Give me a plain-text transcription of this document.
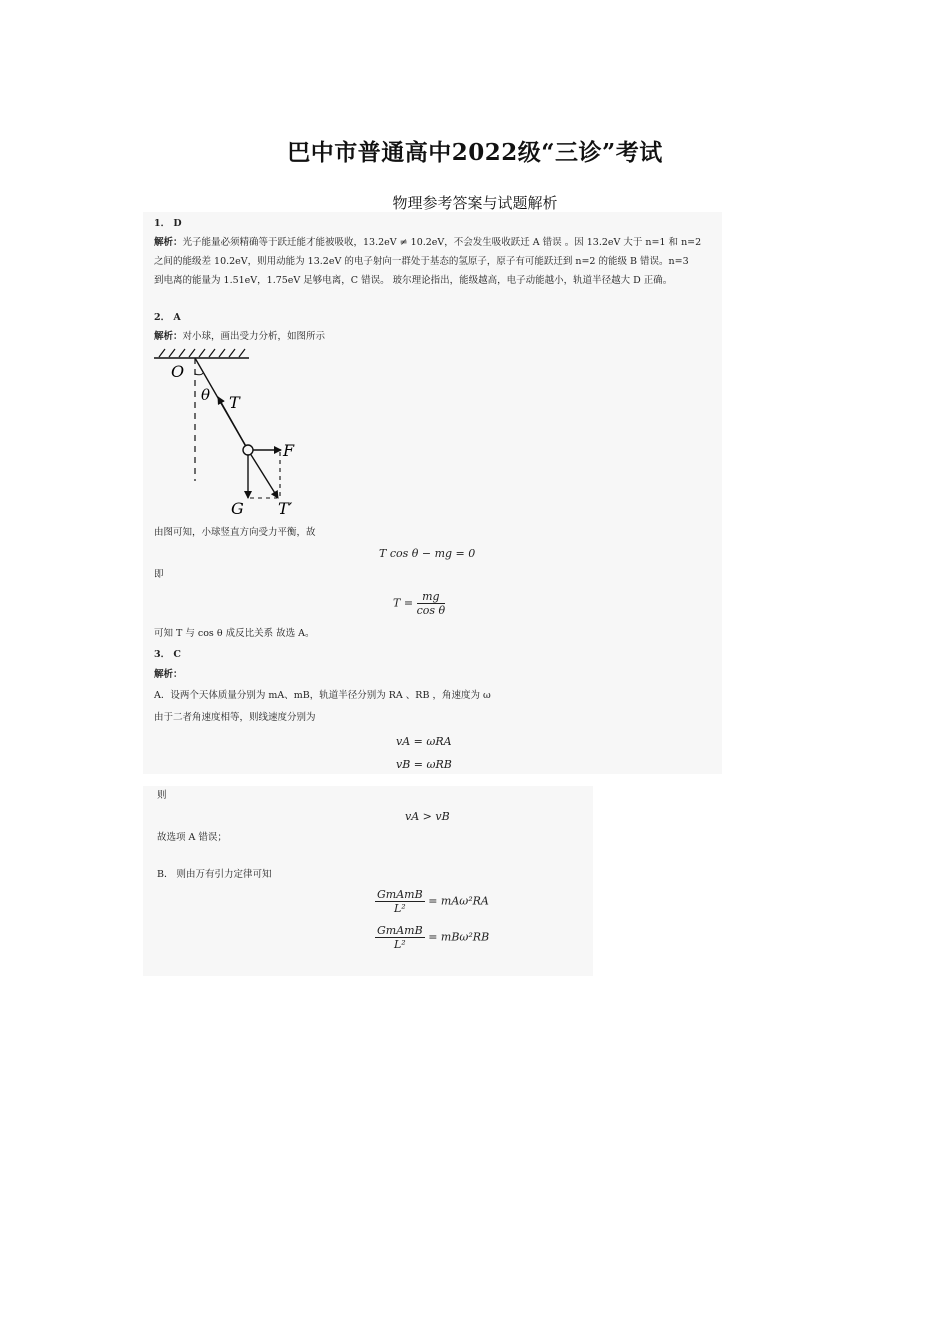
巴中市普通高中2022级“三诊”考试
物理参考答案与试题解析
1． D
解析：光子能量必须精确等于跃迁能才能被吸收，13.2eV ≠ 10.2eV，不会发生吸收跃迁 A 错误 。因 13.2eV 大于 n=1 和 n=2
之间的能级差 10.2eV，则用动能为 13.2eV 的电子射向一群处于基态的氢原子，原子有可能跃迁到 n=2 的能级 B 错误。n=3
到电离的能量为 1.51eV，1.75eV 足够电离，C 错误。 玻尔理论指出，能级越高，电子动能越小，轨道半径越大 D 正确。
2． A
解析：对小球，画出受力分析，如图所示
O
θ T
F
G T′
由图可知，小球竖直方向受力平衡，故
T cos θ − mg = 0
即
$T = \frac{mg}{\text{cos θ}}$
可知 T 与 cos θ 成反比关系 故选 A。
3． C
解析：
A．设两个天体质量分别为 mA、mB，轨道半径分别为 RA 、RB ，角速度为 ω
由于二者角速度相等，则线速度分别为
vA = ωRA
vB = ωRB
则
vA > vB
故选项 A 错误；
B． 则由万有引力定律可知
$\frac{\text{GmAmB}}{\text{L²}} = mA\omega^2RA$
$\frac{\text{GmAmB}}{\text{L²}} = mB\omega^2RB$
